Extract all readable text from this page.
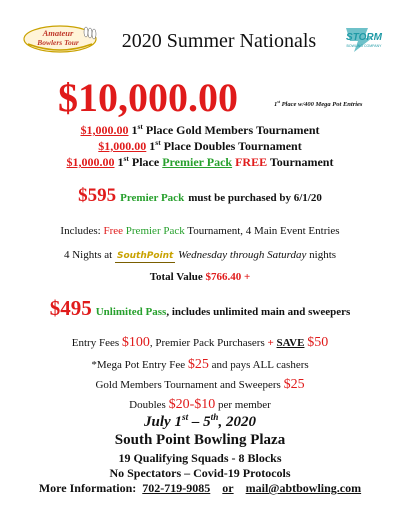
Amateur
Bowlers Tour	2020 Summer Nationals	STORM
BOWLING COMPANY
$10,000.00	1st Place w/400 Mega Pot Entries
$1,000.00 1st Place Gold Members Tournament
$1,000.00 1st Place Doubles Tournament
$1,000.00 1st Place Premier Pack FREE Tournament
$595 Premier Pack must be purchased by 6/1/20
Includes: Free Premier Pack Tournament, 4 Main Event Entries
4 Nights at SouthPoint Wednesday through Saturday nights
Total Value $766.40 +
$495 Unlimited Pass, includes unlimited main and sweepers
Entry Fees $100, Premier Pack Purchasers + SAVE $50
*Mega Pot Entry Fee $25 and pays ALL cashers
Gold Members Tournament and Sweepers $25
Doubles $20-$10 per member
July 1st – 5th, 2020
South Point Bowling Plaza
19 Qualifying Squads - 8 Blocks
No Spectators – Covid-19 Protocols
More Information: 702-719-9085 or mail@abtbowling.com
